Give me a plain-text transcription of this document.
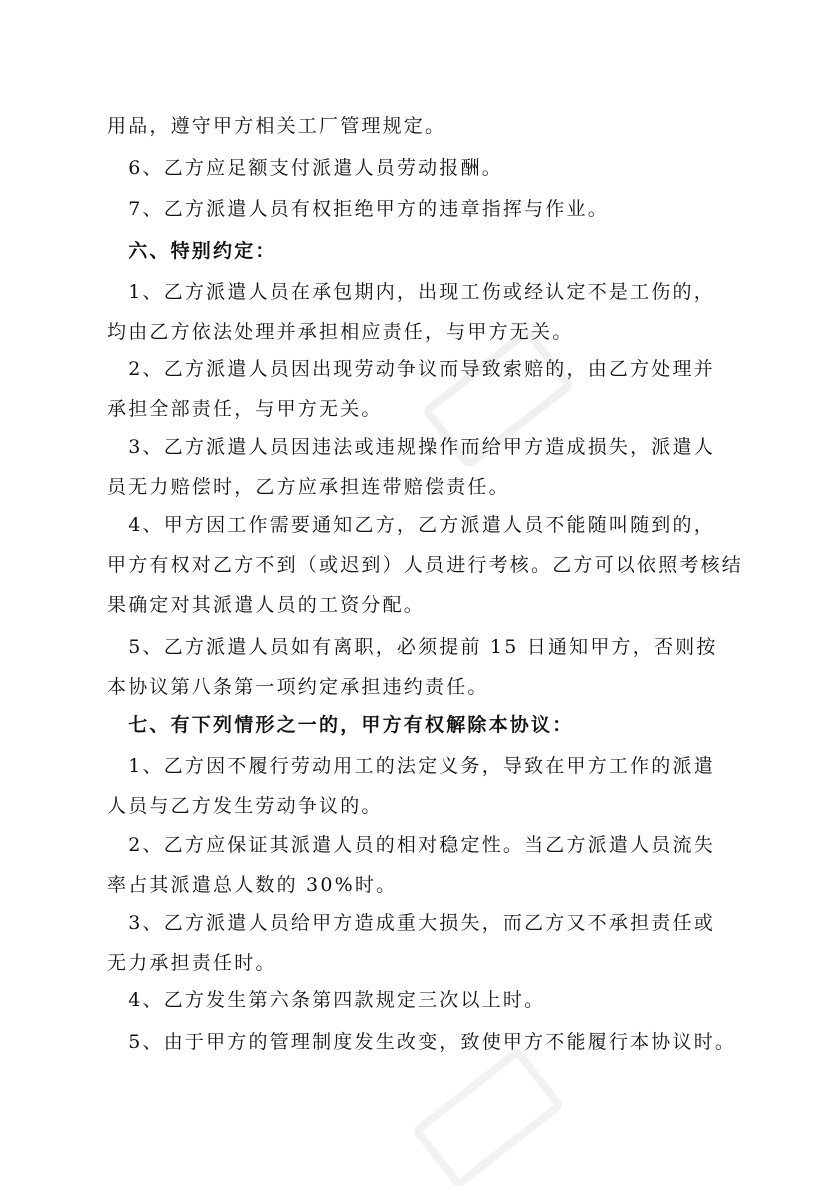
用品，遵守甲方相关工厂管理规定。

　6、乙方应足额支付派遣人员劳动报酬。

　7、乙方派遣人员有权拒绝甲方的违章指挥与作业。

　六、特别约定：

　1、乙方派遣人员在承包期内，出现工伤或经认定不是工伤的，
均由乙方依法处理并承担相应责任，与甲方无关。

　2、乙方派遣人员因出现劳动争议而导致索赔的，由乙方处理并
承担全部责任，与甲方无关。

　3、乙方派遣人员因违法或违规操作而给甲方造成损失，派遣人
员无力赔偿时，乙方应承担连带赔偿责任。

　4、甲方因工作需要通知乙方，乙方派遣人员不能随叫随到的，
甲方有权对乙方不到（或迟到）人员进行考核。乙方可以依照考核结
果确定对其派遣人员的工资分配。

　5、乙方派遣人员如有离职，必须提前 15 日通知甲方，否则按
本协议第八条第一项约定承担违约责任。

　七、有下列情形之一的，甲方有权解除本协议：

　1、乙方因不履行劳动用工的法定义务，导致在甲方工作的派遣
人员与乙方发生劳动争议的。

　2、乙方应保证其派遣人员的相对稳定性。当乙方派遣人员流失
率占其派遣总人数的 30%时。

　3、乙方派遣人员给甲方造成重大损失，而乙方又不承担责任或
无力承担责任时。

　4、乙方发生第六条第四款规定三次以上时。

　5、由于甲方的管理制度发生改变，致使甲方不能履行本协议时。
